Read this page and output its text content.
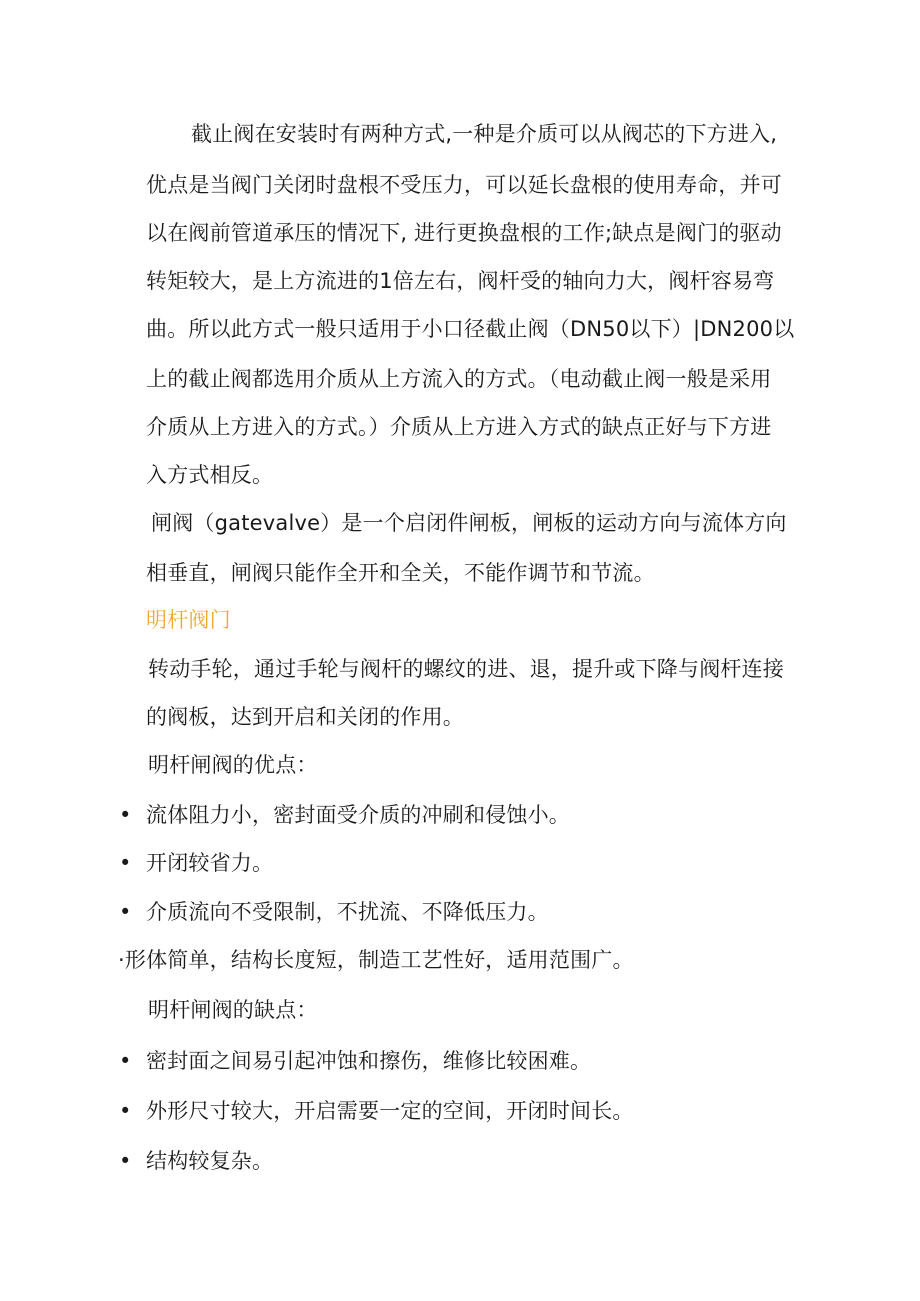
截止阀在安装时有两种方式,一种是介质可以从阀芯的下方进入,
优点是当阀门关闭时盘根不受压力，可以延长盘根的使用寿命，并可
以在阀前管道承压的情况下, 进行更换盘根的工作;缺点是阀门的驱动
转矩较大，是上方流进的1倍左右，阀杆受的轴向力大，阀杆容易弯
曲。所以此方式一般只适用于小口径截止阀（DN50以下）|DN200以
上的截止阀都选用介质从上方流入的方式。（电动截止阀一般是采用
介质从上方进入的方式。）介质从上方进入方式的缺点正好与下方进
入方式相反。
闸阀（gatevalve）是一个启闭件闸板，闸板的运动方向与流体方向
相垂直，闸阀只能作全开和全关，不能作调节和节流。
明杆阀门
转动手轮，通过手轮与阀杆的螺纹的进、退，提升或下降与阀杆连接
的阀板，达到开启和关闭的作用。
明杆闸阀的优点：
• 流体阻力小，密封面受介质的冲刷和侵蚀小。
• 开闭较省力。
• 介质流向不受限制，不扰流、不降低压力。
·形体简单，结构长度短，制造工艺性好，适用范围广。
明杆闸阀的缺点：
• 密封面之间易引起冲蚀和擦伤，维修比较困难。
• 外形尺寸较大，开启需要一定的空间，开闭时间长。
• 结构较复杂。
